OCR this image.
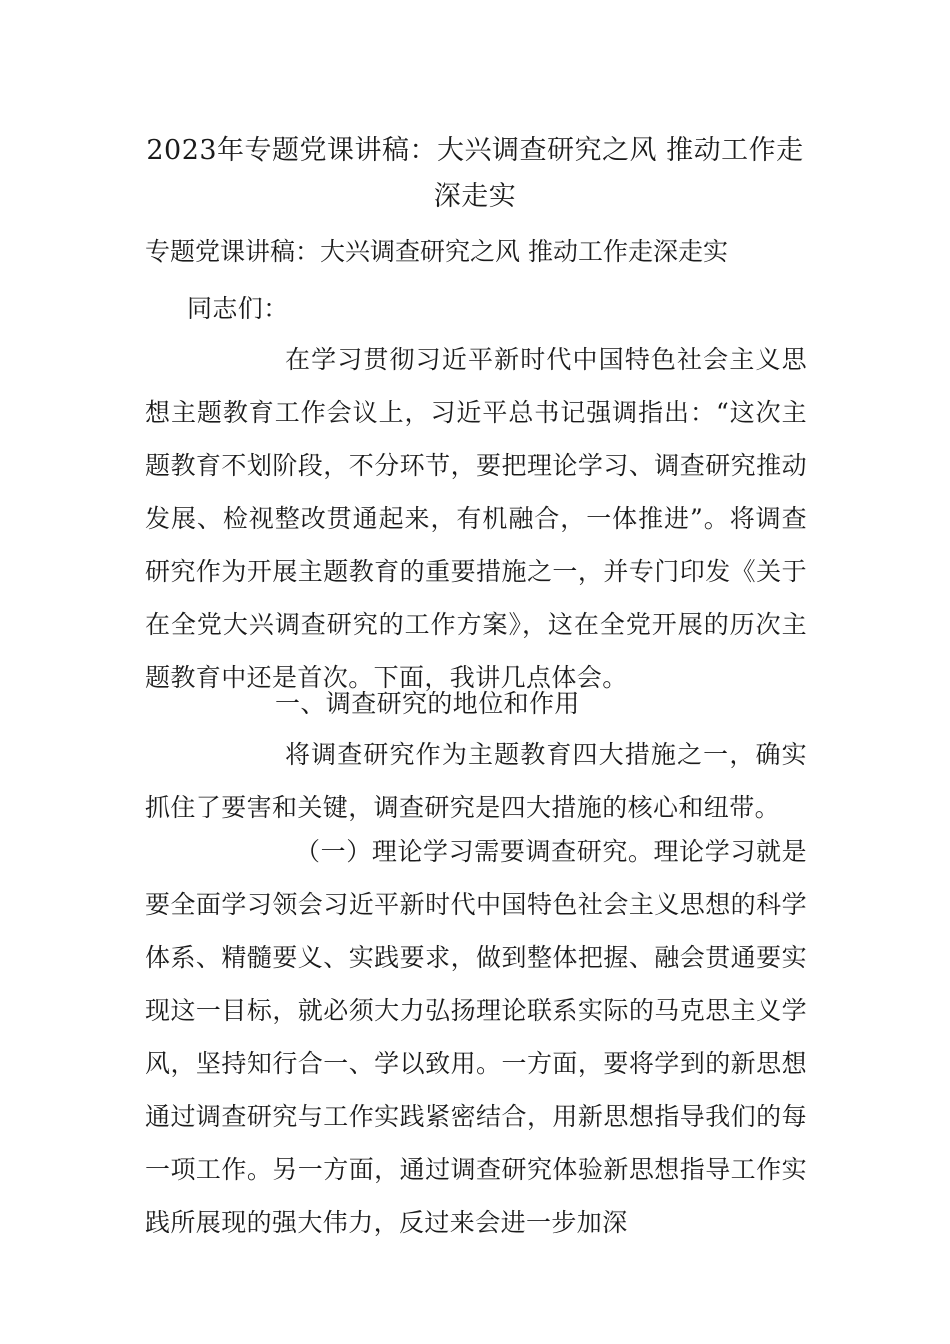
2023年专题党课讲稿：大兴调查研究之风 推动工作走深走实
专题党课讲稿：大兴调查研究之风 推动工作走深走实
同志们：
在学习贯彻习近平新时代中国特色社会主义思想主题教育工作会议上，习近平总书记强调指出：“这次主题教育不划阶段，不分环节，要把理论学习、调查研究推动发展、检视整改贯通起来，有机融合，一体推进”。将调查研究作为开展主题教育的重要措施之一，并专门印发《关于在全党大兴调查研究的工作方案》，这在全党开展的历次主题教育中还是首次。下面，我讲几点体会。
一、调查研究的地位和作用
将调查研究作为主题教育四大措施之一，确实抓住了要害和关键，调查研究是四大措施的核心和纽带。
（一）理论学习需要调查研究。理论学习就是要全面学习领会习近平新时代中国特色社会主义思想的科学体系、精髓要义、实践要求，做到整体把握、融会贯通要实现这一目标，就必须大力弘扬理论联系实际的马克思主义学风，坚持知行合一、学以致用。一方面，要将学到的新思想通过调查研究与工作实践紧密结合，用新思想指导我们的每一项工作。另一方面，通过调查研究体验新思想指导工作实践所展现的强大伟力，反过来会进一步加深
